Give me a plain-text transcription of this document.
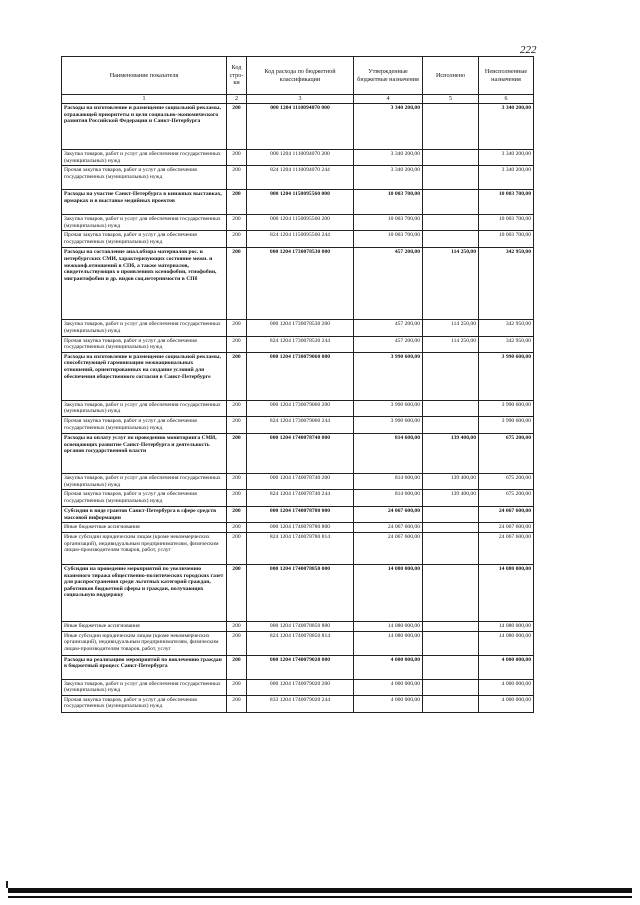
222
Наименование показателя	Код стро-ки	Код расхода по бюджетной классификации	Утвержденные бюджетные назначения	Исполнено	Неисполненные назначения
1	2	3	4	5	6
Расходы на изготовление и размещение социальной рекламы, отражающей приоритеты и цели социально-экономического развития Российской Федерации и Санкт-Петербурга	200	000 1204 1110094070 000	3 340 200,00		3 340 200,00
Закупка товаров, работ и услуг для обеспечения государственных (муниципальных) нужд	200	000 1204 1110094070 200	3 340 200,00		3 340 200,00
Прочая закупка товаров, работ и услуг для обеспечения государственных (муниципальных) нужд	200	824 1204 1110094070 244	3 340 200,00		3 340 200,00
Расходы на участие Санкт-Петербурга в книжных выставках, ярмарках и в выставке медийных проектов	200	000 1204 1150095560 000	10 003 700,00		10 003 700,00
Закупка товаров, работ и услуг для обеспечения государственных (муниципальных) нужд	200	000 1204 1150095560 200	10 003 700,00		10 003 700,00
Прочая закупка товаров, работ и услуг для обеспечения государственных (муниципальных) нужд	200	824 1204 1150095560 244	10 003 700,00		10 003 700,00
Расходы на составление анал.обзора материалов рос. и петербургских СМИ, характеризующих состояние межн. и межконф.отношений в СПб, а также материалов, свидетельствующих о проявлениях ксенофобии, этнофобии, мигрантофобии и др. видов соц.нетерпимости в СПб	200	000 1204 1730078530 000	457 200,00	114 250,00	342 950,00
Закупка товаров, работ и услуг для обеспечения государственных (муниципальных) нужд	200	000 1204 1730078530 200	457 200,00	114 250,00	342 950,00
Прочая закупка товаров, работ и услуг для обеспечения государственных (муниципальных) нужд	200	824 1204 1730078530 244	457 200,00	114 250,00	342 950,00
Расходы на изготовление и размещение социальной рекламы, способствующей гармонизации межнациональных отношений, ориентированных на создание условий для обеспечения общественного согласия в Санкт-Петербурге	200	000 1204 1730079060 000	3 990 600,00		3 990 600,00
Закупка товаров, работ и услуг для обеспечения государственных (муниципальных) нужд	200	000 1204 1730079060 200	3 990 600,00		3 990 600,00
Прочая закупка товаров, работ и услуг для обеспечения государственных (муниципальных) нужд	200	824 1204 1730079060 244	3 990 600,00		3 990 600,00
Расходы на оплату услуг по проведению мониторинга СМИ, освещающих развитие Санкт-Петербурга и деятельность органов государственной власти	200	000 1204 1740078740 000	814 600,00	139 400,00	675 200,00
Закупка товаров, работ и услуг для обеспечения государственных (муниципальных) нужд	200	000 1204 1740078740 200	814 600,00	139 400,00	675 200,00
Прочая закупка товаров, работ и услуг для обеспечения государственных (муниципальных) нужд	200	824 1204 1740078740 244	814 600,00	139 400,00	675 200,00
Субсидии в виде грантов Санкт-Петербурга в сфере средств массовой информации	200	000 1204 1740078780 000	24 067 600,00		24 067 600,00
Иные бюджетные ассигнования	200	000 1204 1740078780 800	24 067 600,00		24 067 600,00
Иные субсидии юридическим лицам (кроме некоммерческих организаций), индивидуальным предпринимателям, физическим лицам-производителям товаров, работ, услуг	200	824 1204 1740078780 814	24 067 600,00		24 067 600,00
Субсидии на проведение мероприятий по увеличению взаимного тиража общественно-политических городских газет для распространения среди льготных категорий граждан, работников бюджетной сферы и граждан, получающих социальную поддержку	200	000 1204 1740078850 000	14 080 000,00		14 080 000,00
Иные бюджетные ассигнования	200	000 1204 1740078850 800	14 080 000,00		14 080 000,00
Иные субсидии юридическим лицам (кроме некоммерческих организаций), индивидуальным предпринимателям, физическим лицам-производителям товаров, работ, услуг	200	824 1204 1740078850 814	14 080 000,00		14 080 000,00
Расходы на реализацию мероприятий по вовлечению граждан в бюджетный процесс Санкт-Петербурга	200	000 1204 1740079020 000	4 000 000,00		4 000 000,00
Закупка товаров, работ и услуг для обеспечения государственных (муниципальных) нужд	200	000 1204 1740079020 200	4 000 000,00		4 000 000,00
Прочая закупка товаров, работ и услуг для обеспечения государственных (муниципальных) нужд	200	833 1204 1740079020 244	4 000 000,00		4 000 000,00
